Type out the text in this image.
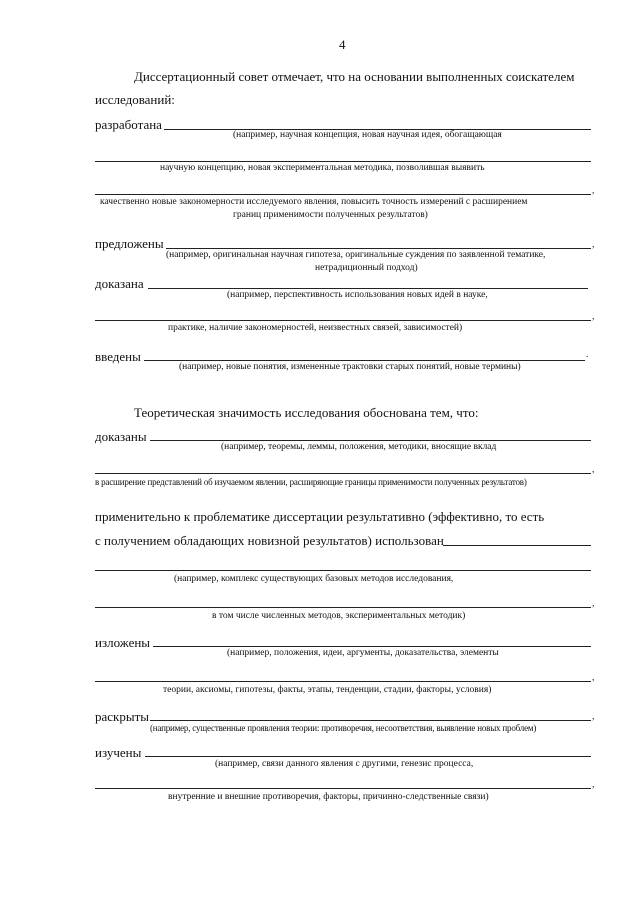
4
Диссертационный совет отмечает, что на основании выполненных соискателем
исследований:
разработана
(например, научная концепция, новая научная идея, обогащающая
научную концепцию, новая экспериментальная методика, позволившая выявить
,
качественно новые закономерности исследуемого явления, повысить точность измерений с расширением
границ применимости полученных результатов)
предложены	,
(например, оригинальная научная гипотеза, оригинальные суждения по заявленной тематике,
нетрадиционный подход)
доказана
(например, перспективность использования новых идей в науке,
,
практике, наличие закономерностей, неизвестных связей, зависимостей)
введены	.
(например, новые понятия, измененные трактовки старых понятий, новые термины)
Теоретическая значимость исследования обоснована тем, что:
доказаны
(например, теоремы, леммы, положения, методики, вносящие вклад
,
в расширение представлений об изучаемом явлении, расширяющие границы применимости полученных результатов)
применительно к проблематике диссертации результативно (эффективно, то есть
с получением обладающих новизной результатов) использован
(например, комплекс существующих базовых методов исследования,
,
в том числе численных методов, экспериментальных методик)
изложены
(например, положения, идеи, аргументы, доказательства, элементы
,
теории, аксиомы, гипотезы, факты, этапы, тенденции, стадии, факторы, условия)
раскрыты	,
(например, существенные проявления теории: противоречия, несоответствия, выявление новых проблем)
изучены
(например, связи данного явления с другими, генезис процесса,
,
внутренние и внешние противоречия, факторы, причинно-следственные связи)
